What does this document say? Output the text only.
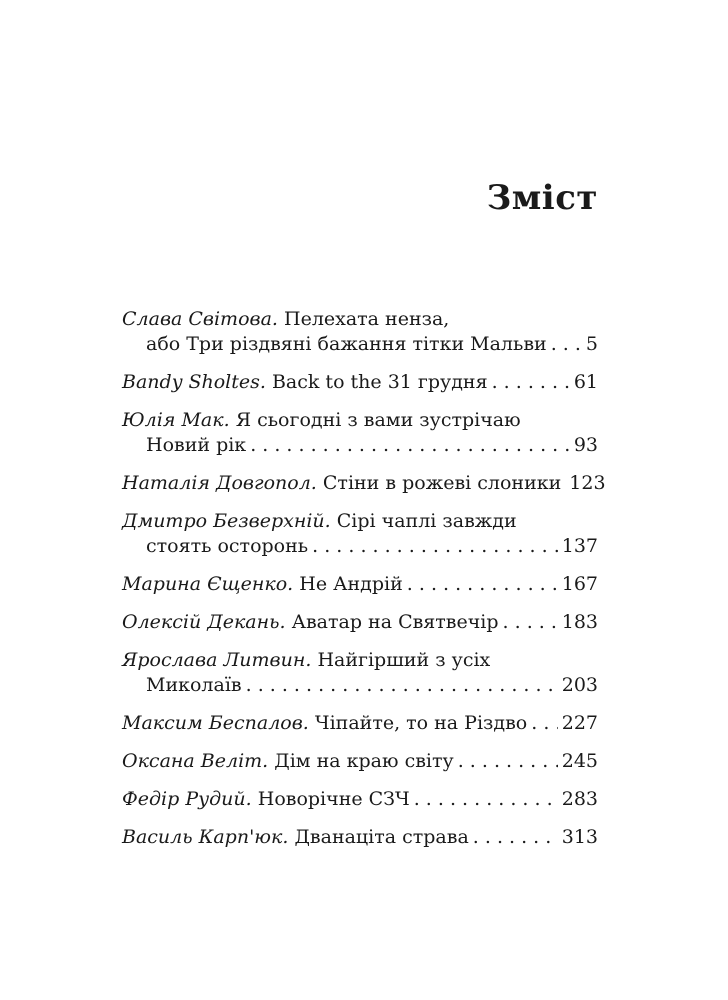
Зміст
Слава Світова.
Пелехата ненза,
або Три різдвяні бажання тітки Мальви . . . 5
Bandy Sholtes.
Back to the 31 грудня . . .	61
Юлія Мак.
Я сьогодні з вами зустрічаю
Новий рік . . .	93
Наталія Довгопол.
Стіни в рожеві слоники 123
Дмитро Безверхній.
Сірі чаплі завжди
стоять осторонь . . .	137
Марина Єщенко.
Не Андрій . . .	167
Олексій Декань.
Аватар на Святвечір . . .	183
Ярослава Литвин.
Найгірший з усіх
Миколаїв . . .	203
Максим Беспалов.
Чіпайте, то на Різдво . . . 227
Оксана Веліт.
Дім на краю світу . . .	245
Федір Рудий.
Новорічне СЗЧ . . .	283
Василь Карп'юк.
Дванаціта страва . . .	313
